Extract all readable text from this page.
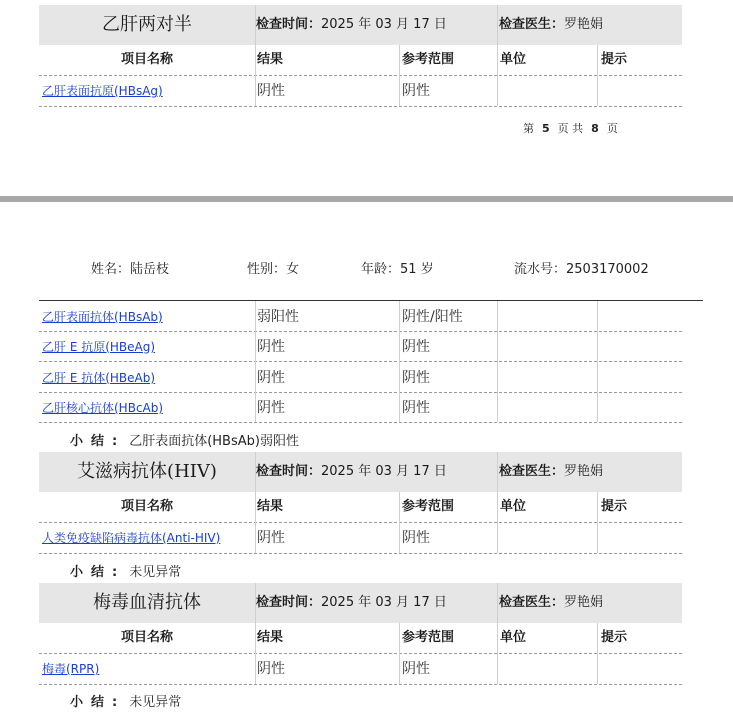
乙肝两对半	检查时间：2025 年 03 月 17 日	检查医生：罗艳娟
项目名称	结果	参考范围	单位	提示
乙肝表面抗原(HBsAg)	阴性	阴性
第 5 页 共 8 页
姓名：陆岳枝	性别：女	年龄：51 岁	流水号：2503170002
乙肝表面抗体(HBsAb)	弱阳性	阴性/阳性
乙肝 E 抗原(HBeAg)	阴性	阴性
乙肝 E 抗体(HBeAb)	阴性	阴性
乙肝核心抗体(HBcAb)	阴性	阴性
小结: 乙肝表面抗体(HBsAb)弱阳性
艾滋病抗体(HIV)	检查时间：2025 年 03 月 17 日	检查医生：罗艳娟
项目名称	结果	参考范围	单位	提示
人类免疫缺陷病毒抗体(Anti-HIV)	阴性	阴性
小结: 未见异常
梅毒血清抗体	检查时间：2025 年 03 月 17 日	检查医生：罗艳娟
项目名称	结果	参考范围	单位	提示
梅毒(RPR)	阴性	阴性
小结: 未见异常
